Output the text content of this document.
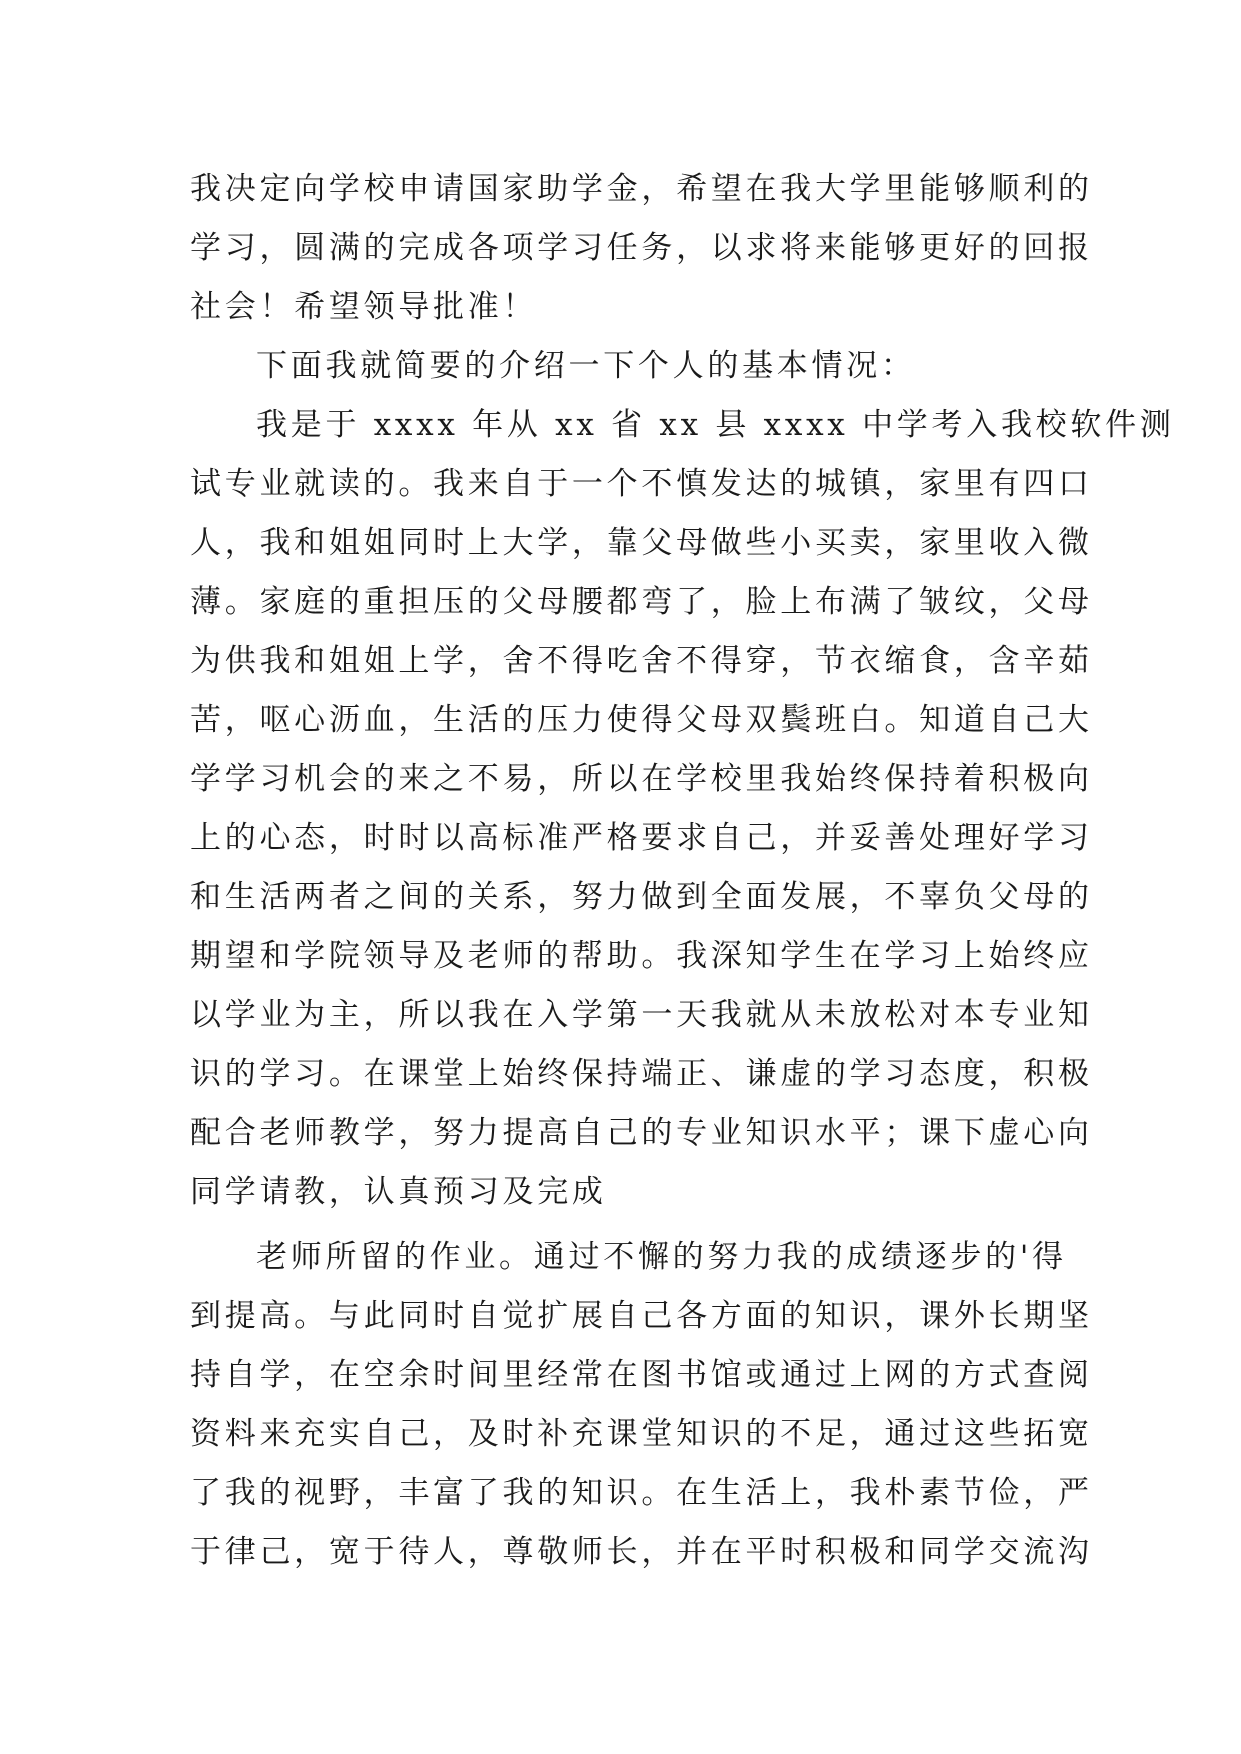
我决定向学校申请国家助学金，希望在我大学里能够顺利的
学习，圆满的完成各项学习任务，以求将来能够更好的回报
社会！希望领导批准！
下面我就简要的介绍一下个人的基本情况：
我是于 xxxx 年从 xx 省 xx 县 xxxx 中学考入我校软件测
试专业就读的。我来自于一个不慎发达的城镇，家里有四口
人，我和姐姐同时上大学，靠父母做些小买卖，家里收入微
薄。家庭的重担压的父母腰都弯了，脸上布满了皱纹，父母
为供我和姐姐上学，舍不得吃舍不得穿，节衣缩食，含辛茹
苦，呕心沥血，生活的压力使得父母双鬓班白。知道自己大
学学习机会的来之不易，所以在学校里我始终保持着积极向
上的心态，时时以高标准严格要求自己，并妥善处理好学习
和生活两者之间的关系，努力做到全面发展，不辜负父母的
期望和学院领导及老师的帮助。我深知学生在学习上始终应
以学业为主，所以我在入学第一天我就从未放松对本专业知
识的学习。在课堂上始终保持端正、谦虚的学习态度，积极
配合老师教学，努力提高自己的专业知识水平；课下虚心向
同学请教，认真预习及完成
老师所留的作业。通过不懈的努力我的成绩逐步的'得
到提高。与此同时自觉扩展自己各方面的知识，课外长期坚
持自学，在空余时间里经常在图书馆或通过上网的方式查阅
资料来充实自己，及时补充课堂知识的不足，通过这些拓宽
了我的视野，丰富了我的知识。在生活上，我朴素节俭，严
于律己，宽于待人，尊敬师长，并在平时积极和同学交流沟
